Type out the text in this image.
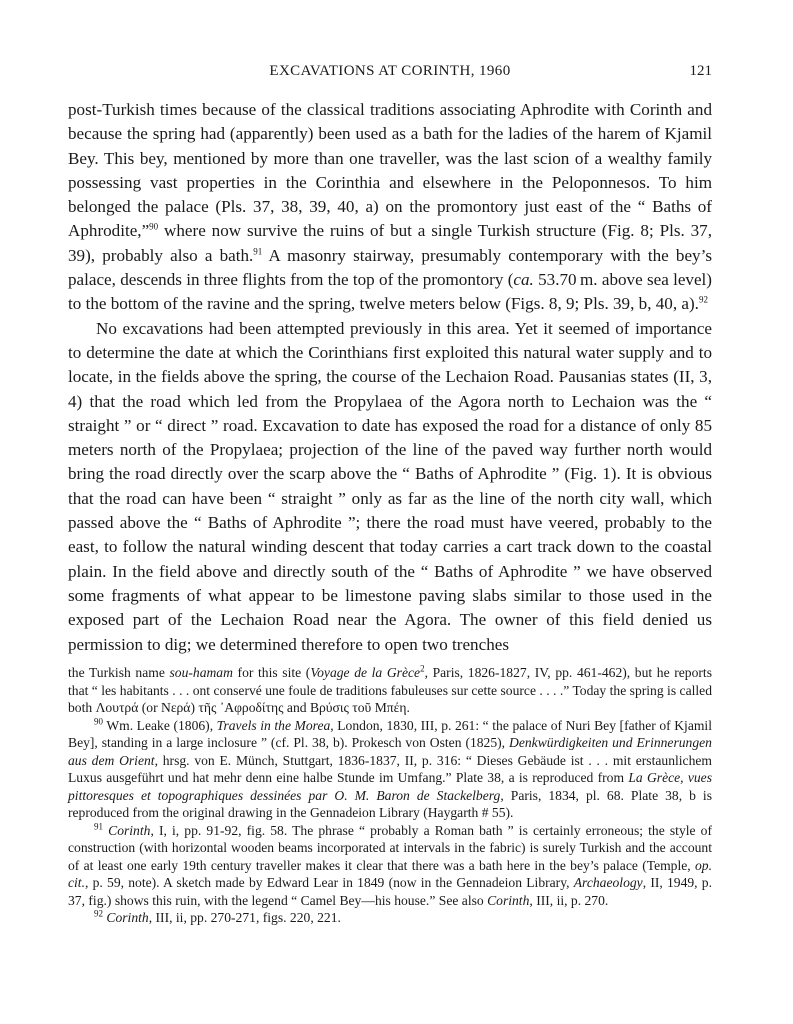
EXCAVATIONS AT CORINTH, 1960	121

post-Turkish times because of the classical traditions associating Aphrodite with Corinth and because the spring had (apparently) been used as a bath for the ladies of the harem of Kjamil Bey. This bey, mentioned by more than one traveller, was the last scion of a wealthy family possessing vast properties in the Corinthia and elsewhere in the Peloponnesos. To him belonged the palace (Pls. 37, 38, 39, 40, a) on the promontory just east of the “ Baths of Aphrodite,”$^{90}$ where now survive the ruins of but a single Turkish structure (Fig. 8; Pls. 37, 39), probably also a bath.$^{91}$ A masonry stairway, presumably contemporary with the bey’s palace, descends in three flights from the top of the promontory (ca. 53.70 m. above sea level) to the bottom of the ravine and the spring, twelve meters below (Figs. 8, 9; Pls. 39, b, 40, a).$^{92}$

No excavations had been attempted previously in this area. Yet it seemed of importance to determine the date at which the Corinthians first exploited this natural water supply and to locate, in the fields above the spring, the course of the Lechaion Road. Pausanias states (II, 3, 4) that the road which led from the Propylaea of the Agora north to Lechaion was the “ straight ” or “ direct ” road. Excavation to date has exposed the road for a distance of only 85 meters north of the Propylaea; projection of the line of the paved way further north would bring the road directly over the scarp above the “ Baths of Aphrodite ” (Fig. 1). It is obvious that the road can have been “ straight ” only as far as the line of the north city wall, which passed above the “ Baths of Aphrodite ”; there the road must have veered, probably to the east, to follow the natural winding descent that today carries a cart track down to the coastal plain. In the field above and directly south of the “ Baths of Aphrodite ” we have observed some fragments of what appear to be limestone paving slabs similar to those used in the exposed part of the Lechaion Road near the Agora. The owner of this field denied us permission to dig; we determined therefore to open two trenches

the Turkish name sou-hamam for this site (Voyage de la Grèce$^2$, Paris, 1826-1827, IV, pp. 461-462), but he reports that “ les habitants . . . ont conservé une foule de traditions fabuleuses sur cette source . . . .” Today the spring is called both Λουτρά (or Νερά) τῆς ᾿Αφροδίτης and Βρύσις τοῦ Μπέη.

$^{90}$ Wm. Leake (1806), Travels in the Morea, London, 1830, III, p. 261: “ the palace of Nuri Bey [father of Kjamil Bey], standing in a large inclosure ” (cf. Pl. 38, b). Prokesch von Osten (1825), Denkwürdigkeiten und Erinnerungen aus dem Orient, hrsg. von E. Münch, Stuttgart, 1836-1837, II, p. 316: “ Dieses Gebäude ist . . . mit erstaunlichem Luxus ausgeführt und hat mehr denn eine halbe Stunde im Umfang.” Plate 38, a is reproduced from La Grèce, vues pittoresques et topographiques dessinées par O. M. Baron de Stackelberg, Paris, 1834, pl. 68. Plate 38, b is reproduced from the original drawing in the Gennadeion Library (Haygarth # 55).

$^{91}$ Corinth, I, i, pp. 91-92, fig. 58. The phrase “ probably a Roman bath ” is certainly erroneous; the style of construction (with horizontal wooden beams incorporated at intervals in the fabric) is surely Turkish and the account of at least one early 19th century traveller makes it clear that there was a bath here in the bey’s palace (Temple, op. cit., p. 59, note). A sketch made by Edward Lear in 1849 (now in the Gennadeion Library, Archaeology, II, 1949, p. 37, fig.) shows this ruin, with the legend “ Camel Bey—his house.” See also Corinth, III, ii, p. 270.

$^{92}$ Corinth, III, ii, pp. 270-271, figs. 220, 221.
